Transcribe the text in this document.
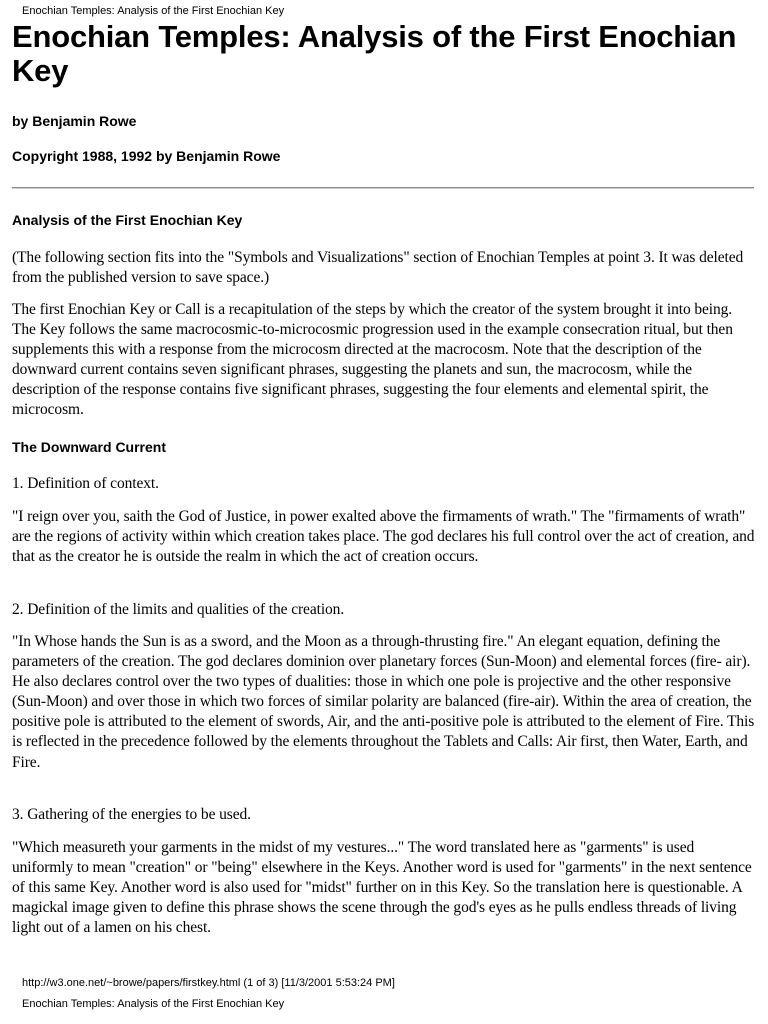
Enochian Temples: Analysis of the First Enochian Key
Enochian Temples: Analysis of the First Enochian Key

by Benjamin Rowe

Copyright 1988, 1992 by Benjamin Rowe

Analysis of the First Enochian Key

(The following section fits into the "Symbols and Visualizations" section of Enochian Temples at point 3. It was deleted from the published version to save space.)

The first Enochian Key or Call is a recapitulation of the steps by which the creator of the system brought it into being. The Key follows the same macrocosmic-to-microcosmic progression used in the example consecration ritual, but then supplements this with a response from the microcosm directed at the macrocosm. Note that the description of the downward current contains seven significant phrases, suggesting the planets and sun, the macrocosm, while the description of the response contains five significant phrases, suggesting the four elements and elemental spirit, the microcosm.

The Downward Current

1. Definition of context.

"I reign over you, saith the God of Justice, in power exalted above the firmaments of wrath." The "firmaments of wrath" are the regions of activity within which creation takes place. The god declares his full control over the act of creation, and that as the creator he is outside the realm in which the act of creation occurs.

2. Definition of the limits and qualities of the creation.

"In Whose hands the Sun is as a sword, and the Moon as a through-thrusting fire." An elegant equation, defining the parameters of the creation. The god declares dominion over planetary forces (Sun-Moon) and elemental forces (fire- air). He also declares control over the two types of dualities: those in which one pole is projective and the other responsive (Sun-Moon) and over those in which two forces of similar polarity are balanced (fire-air). Within the area of creation, the positive pole is attributed to the element of swords, Air, and the anti-positive pole is attributed to the element of Fire. This is reflected in the precedence followed by the elements throughout the Tablets and Calls: Air first, then Water, Earth, and Fire.

3. Gathering of the energies to be used.

"Which measureth your garments in the midst of my vestures..." The word translated here as "garments" is used uniformly to mean "creation" or "being" elsewhere in the Keys. Another word is used for "garments" in the next sentence of this same Key. Another word is also used for "midst" further on in this Key. So the translation here is questionable. A magickal image given to define this phrase shows the scene through the god's eyes as he pulls endless threads of living light out of a lamen on his chest.

http://w3.one.net/~browe/papers/firstkey.html (1 of 3) [11/3/2001 5:53:24 PM]
Enochian Temples: Analysis of the First Enochian Key
